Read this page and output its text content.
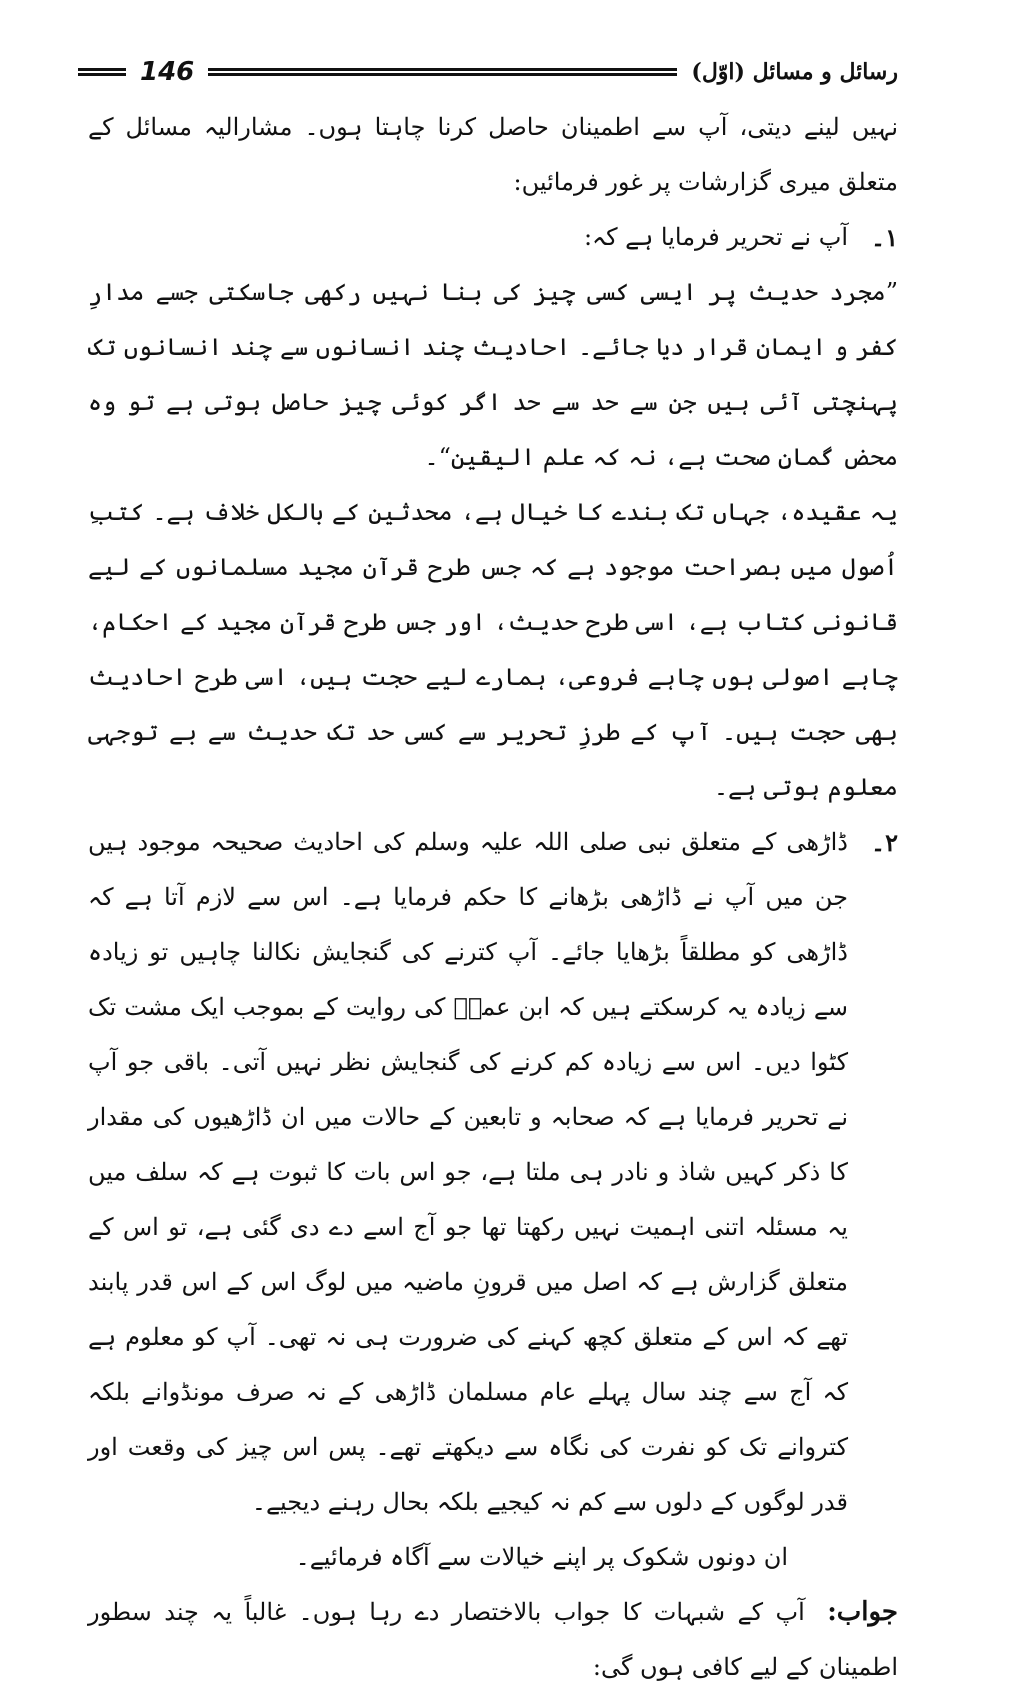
146	رسائل و مسائل (اوّل)

نہیں لینے دیتی، آپ سے اطمینان حاصل کرنا چاہتا ہوں۔ مشارالیہ مسائل کے متعلق میری گزارشات پر غور فرمائیں:

۱۔
آپ نے تحریر فرمایا ہے کہ:

”مجرد حدیث پر ایسی کسی چیز کی بنا نہیں رکھی جاسکتی جسے مدارِ کفر و ایمان قرار دیا جائے۔ احادیث چند انسانوں سے چند انسانوں تک پہنچتی آئی ہیں جن سے حد سے حد اگر کوئی چیز حاصل ہوتی ہے تو وہ محض گمانِ صحت ہے، نہ کہ علم الیقین“۔

یہ عقیدہ، جہاں تک بندے کا خیال ہے، محدثین کے بالکل خلاف ہے۔ کتبِ اُصول میں بصراحت موجود ہے کہ جس طرح قرآن مجید مسلمانوں کے لیے قانونی کتاب ہے، اسی طرح حدیث، اور جس طرح قرآن مجید کے احکام، چاہے اصولی ہوں چاہے فروعی، ہمارے لیے حجت ہیں، اسی طرح احادیث بھی حجت ہیں۔ آپ کے طرزِ تحریر سے کسی حد تک حدیث سے بے توجہی معلوم ہوتی ہے۔

۲۔
ڈاڑھی کے متعلق نبی صلی اللہ علیہ وسلم کی احادیث صحیحہ موجود ہیں جن میں آپ نے ڈاڑھی بڑھانے کا حکم فرمایا ہے۔ اس سے لازم آتا ہے کہ ڈاڑھی کو مطلقاً بڑھایا جائے۔ آپ کترنے کی گنجایش نکالنا چاہیں تو زیادہ سے زیادہ یہ کرسکتے ہیں کہ ابن عمرؓ کی روایت کے بموجب ایک مشت تک کٹوا دیں۔ اس سے زیادہ کم کرنے کی گنجایش نظر نہیں آتی۔ باقی جو آپ نے تحریر فرمایا ہے کہ صحابہ و تابعین کے حالات میں ان ڈاڑھیوں کی مقدار کا ذکر کہیں شاذ و نادر ہی ملتا ہے، جو اس بات کا ثبوت ہے کہ سلف میں یہ مسئلہ اتنی اہمیت نہیں رکھتا تھا جو آج اسے دے دی گئی ہے، تو اس کے متعلق گزارش ہے کہ اصل میں قرونِ ماضیہ میں لوگ اس کے اس قدر پابند تھے کہ اس کے متعلق کچھ کہنے کی ضرورت ہی نہ تھی۔ آپ کو معلوم ہے کہ آج سے چند سال پہلے عام مسلمان ڈاڑھی کے نہ صرف مونڈوانے بلکہ کتروانے تک کو نفرت کی نگاہ سے دیکھتے تھے۔ پس اس چیز کی وقعت اور قدر لوگوں کے دلوں سے کم نہ کیجیے بلکہ بحال رہنے دیجیے۔

ان دونوں شکوک پر اپنے خیالات سے آگاہ فرمائیے۔

جواب: آپ کے شبہات کا جواب بالاختصار دے رہا ہوں۔ غالباً یہ چند سطور اطمینان کے لیے کافی ہوں گی:
